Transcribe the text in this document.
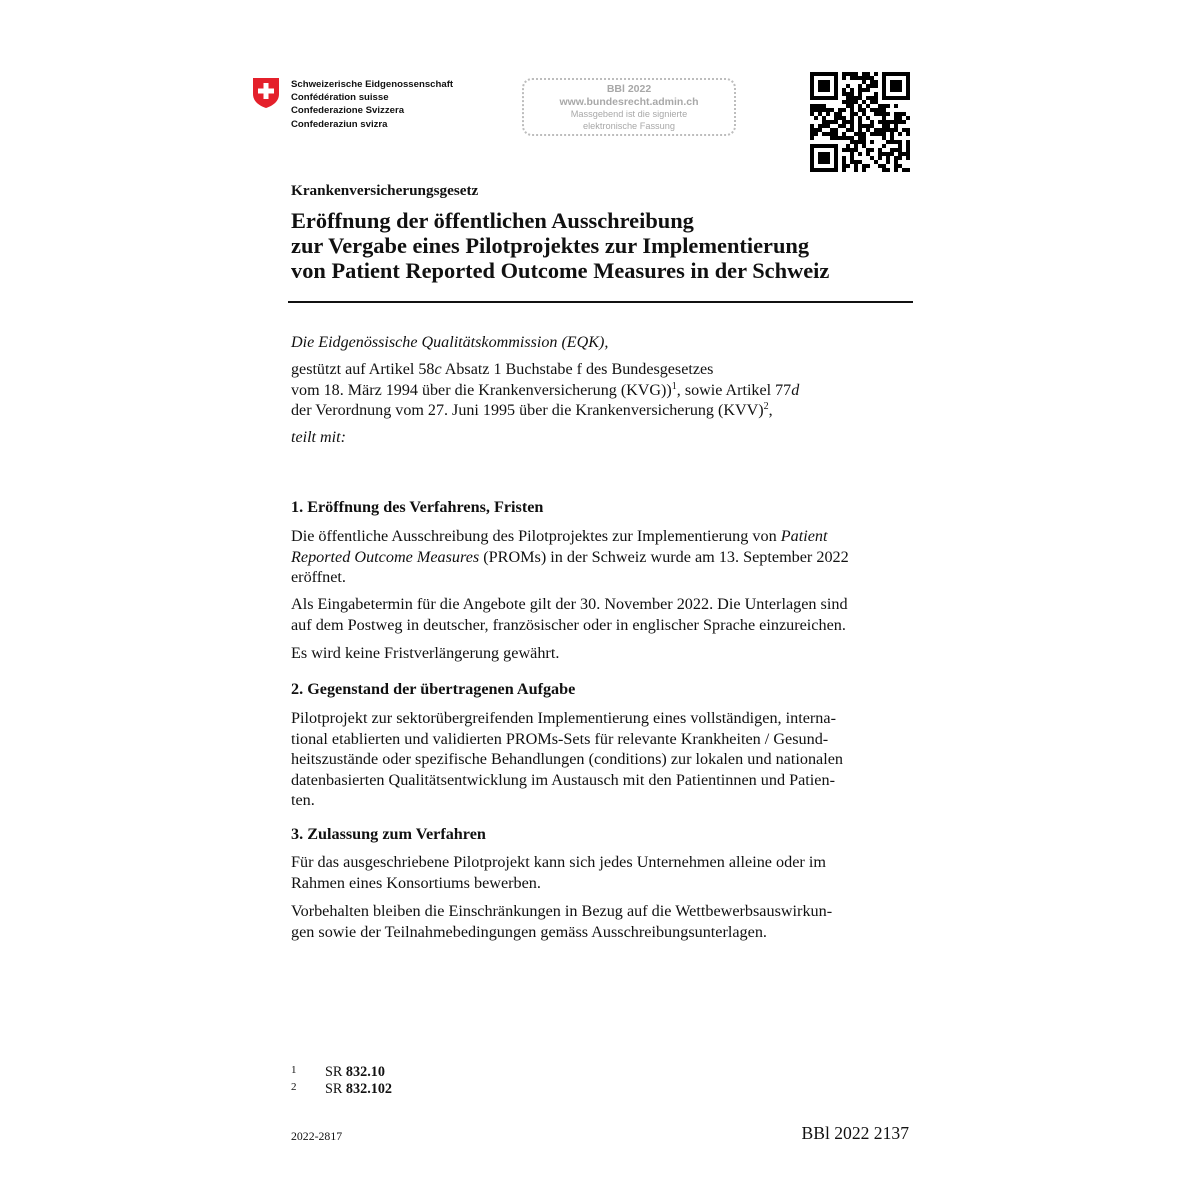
Schweizerische Eidgenossenschaft
Confédération suisse
Confederazione Svizzera
Confederaziun svizra
BBl 2022
www.bundesrecht.admin.ch
Massgebend ist die signierte
elektronische Fassung
Krankenversicherungsgesetz
Eröffnung der öffentlichen Ausschreibung
zur Vergabe eines Pilotprojektes zur Implementierung
von Patient Reported Outcome Measures in der Schweiz
Die Eidgenössische Qualitätskommission (EQK),
gestützt auf Artikel 58c Absatz 1 Buchstabe f des Bundesgesetzes
vom 18. März 1994 über die Krankenversicherung (KVG))$^1$, sowie Artikel 77d
der Verordnung vom 27. Juni 1995 über die Krankenversicherung (KVV)$^2$,
teilt mit:
1. Eröffnung des Verfahrens, Fristen
Die öffentliche Ausschreibung des Pilotprojektes zur Implementierung von Patient
Reported Outcome Measures (PROMs) in der Schweiz wurde am 13. September 2022
eröffnet.
Als Eingabetermin für die Angebote gilt der 30. November 2022. Die Unterlagen sind
auf dem Postweg in deutscher, französischer oder in englischer Sprache einzureichen.
Es wird keine Fristverlängerung gewährt.
2. Gegenstand der übertragenen Aufgabe
Pilotprojekt zur sektorübergreifenden Implementierung eines vollständigen, interna-
tional etablierten und validierten PROMs-Sets für relevante Krankheiten / Gesund-
heitszustände oder spezifische Behandlungen (conditions) zur lokalen und nationalen
datenbasierten Qualitätsentwicklung im Austausch mit den Patientinnen und Patien-
ten.
3. Zulassung zum Verfahren
Für das ausgeschriebene Pilotprojekt kann sich jedes Unternehmen alleine oder im
Rahmen eines Konsortiums bewerben.
Vorbehalten bleiben die Einschränkungen in Bezug auf die Wettbewerbsauswirkun-
gen sowie der Teilnahmebedingungen gemäss Ausschreibungsunterlagen.
1 SR 832.10
2 SR 832.102
2022-2817	BBl 2022 2137
